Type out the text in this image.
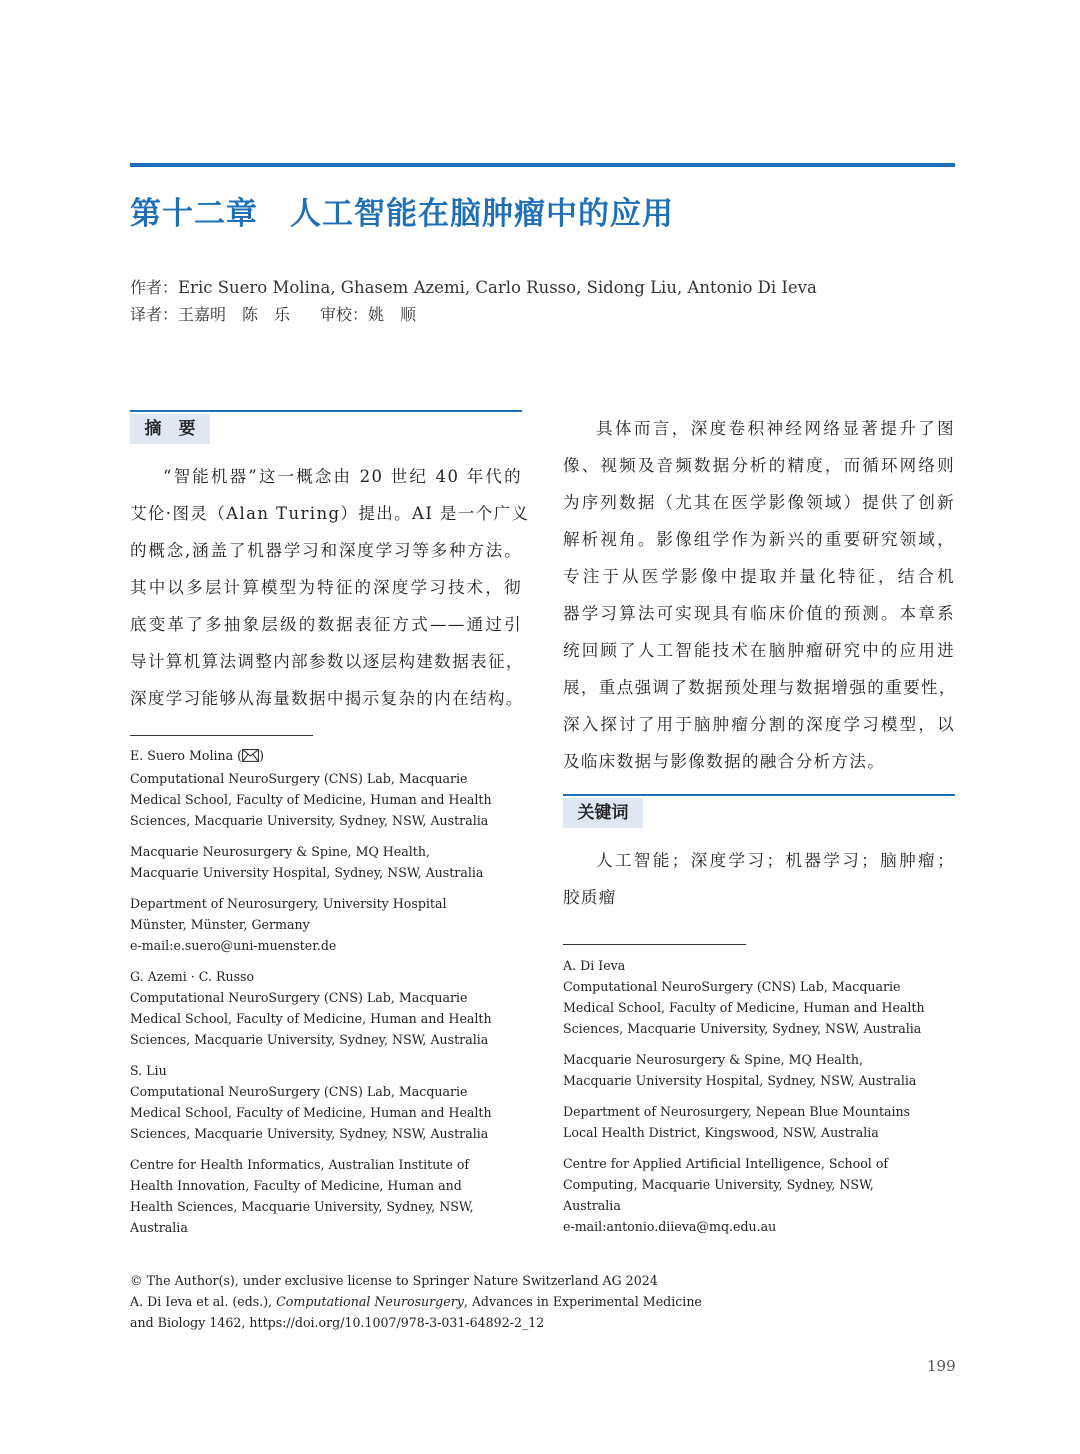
第十二章 人工智能在脑肿瘤中的应用
作者：Eric Suero Molina, Ghasem Azemi, Carlo Russo, Sidong Liu, Antonio Di Ieva
译者：王嘉明　陈　乐 审校：姚　顺
摘　要
“智能机器”这一概念由 20 世纪 40 年代的
艾伦·图灵（Alan Turing）提出。AI 是一个广义
的概念,涵盖了机器学习和深度学习等多种方法。
其中以多层计算模型为特征的深度学习技术，彻
底变革了多抽象层级的数据表征方式——通过引
导计算机算法调整内部参数以逐层构建数据表征，
深度学习能够从海量数据中揭示复杂的内在结构。
具体而言，深度卷积神经网络显著提升了图
像、视频及音频数据分析的精度，而循环网络则
为序列数据（尤其在医学影像领域）提供了创新
解析视角。影像组学作为新兴的重要研究领域，
专注于从医学影像中提取并量化特征，结合机
器学习算法可实现具有临床价值的预测。本章系
统回顾了人工智能技术在脑肿瘤研究中的应用进
展，重点强调了数据预处理与数据增强的重要性，
深入探讨了用于脑肿瘤分割的深度学习模型，以
及临床数据与影像数据的融合分析方法。
关键词
人工智能；深度学习；机器学习；脑肿瘤；
胶质瘤
E. Suero Molina ( )
Computational NeuroSurgery (CNS) Lab, Macquarie
Medical School, Faculty of Medicine, Human and Health
Sciences, Macquarie University, Sydney, NSW, Australia
Macquarie Neurosurgery & Spine, MQ Health,
Macquarie University Hospital, Sydney, NSW, Australia
Department of Neurosurgery, University Hospital
Münster, Münster, Germany
e-mail:e.suero@uni-muenster.de
G. Azemi · C. Russo
Computational NeuroSurgery (CNS) Lab, Macquarie
Medical School, Faculty of Medicine, Human and Health
Sciences, Macquarie University, Sydney, NSW, Australia
S. Liu
Computational NeuroSurgery (CNS) Lab, Macquarie
Medical School, Faculty of Medicine, Human and Health
Sciences, Macquarie University, Sydney, NSW, Australia
Centre for Health Informatics, Australian Institute of
Health Innovation, Faculty of Medicine, Human and
Health Sciences, Macquarie University, Sydney, NSW,
Australia
A. Di Ieva
Computational NeuroSurgery (CNS) Lab, Macquarie
Medical School, Faculty of Medicine, Human and Health
Sciences, Macquarie University, Sydney, NSW, Australia
Macquarie Neurosurgery & Spine, MQ Health,
Macquarie University Hospital, Sydney, NSW, Australia
Department of Neurosurgery, Nepean Blue Mountains
Local Health District, Kingswood, NSW, Australia
Centre for Applied Artificial Intelligence, School of
Computing, Macquarie University, Sydney, NSW,
Australia
e-mail:antonio.diieva@mq.edu.au
© The Author(s), under exclusive license to Springer Nature Switzerland AG 2024
A. Di Ieva et al. (eds.), Computational Neurosurgery, Advances in Experimental Medicine
and Biology 1462, https://doi.org/10.1007/978-3-031-64892-2_12
199
